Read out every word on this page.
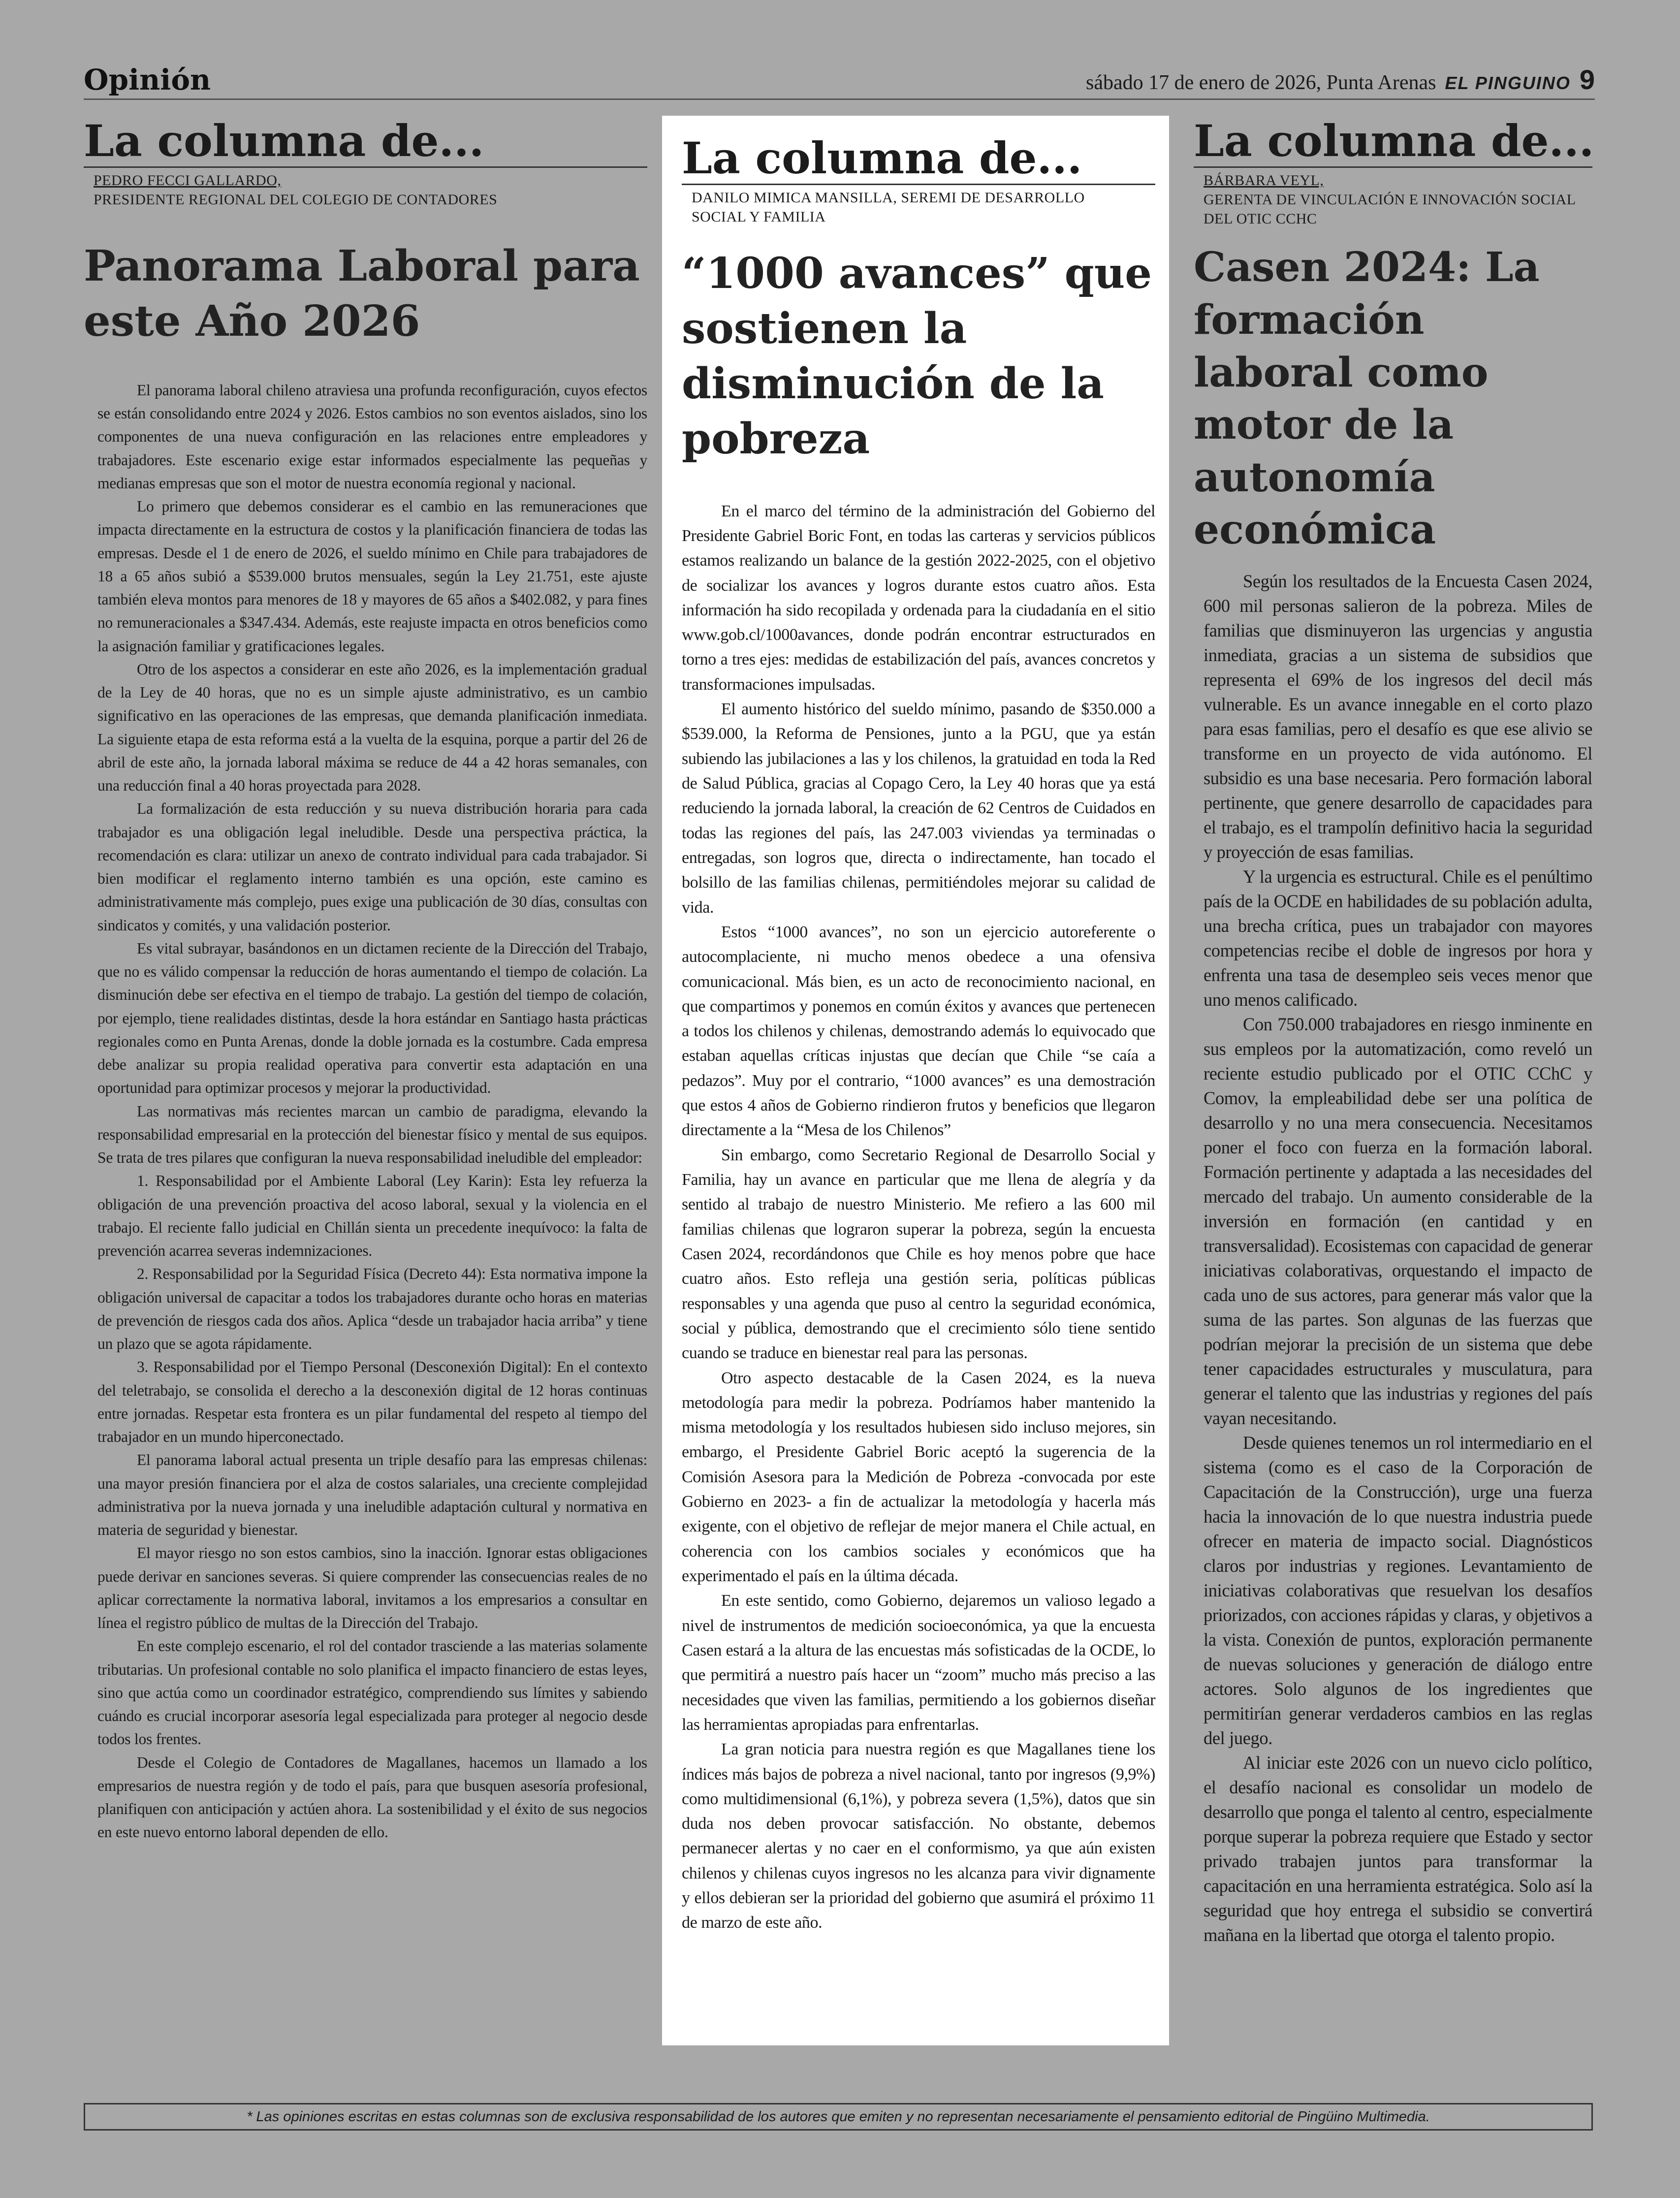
Opinión	sábado 17 de enero de 2026, Punta Arenas EL PINGUINO 9
La columna de...
PEDRO FECCI GALLARDO,
PRESIDENTE REGIONAL DEL COLEGIO DE CONTADORES
Panorama Laboral para este Año 2026

El panorama laboral chileno atraviesa una profunda reconfiguración, cuyos efectos se están consolidando entre 2024 y 2026. Estos cambios no son eventos aislados, sino los componentes de una nueva configuración en las relaciones entre empleadores y trabajadores. Este escenario exige estar informados especialmente las pequeñas y medianas empresas que son el motor de nuestra economía regional y nacional.

Lo primero que debemos considerar es el cambio en las remuneraciones que impacta directamente en la estructura de costos y la planificación financiera de todas las empresas. Desde el 1 de enero de 2026, el sueldo mínimo en Chile para trabajadores de 18 a 65 años subió a $539.000 brutos mensuales, según la Ley 21.751, este ajuste también eleva montos para menores de 18 y mayores de 65 años a $402.082, y para fines no remuneracionales a $347.434. Además, este reajuste impacta en otros beneficios como la asignación familiar y gratificaciones legales.

Otro de los aspectos a considerar en este año 2026, es la implementación gradual de la Ley de 40 horas, que no es un simple ajuste administrativo, es un cambio significativo en las operaciones de las empresas, que demanda planificación inmediata. La siguiente etapa de esta reforma está a la vuelta de la esquina, porque a partir del 26 de abril de este año, la jornada laboral máxima se reduce de 44 a 42 horas semanales, con una reducción final a 40 horas proyectada para 2028.

La formalización de esta reducción y su nueva distribución horaria para cada trabajador es una obligación legal ineludible. Desde una perspectiva práctica, la recomendación es clara: utilizar un anexo de contrato individual para cada trabajador. Si bien modificar el reglamento interno también es una opción, este camino es administrativamente más complejo, pues exige una publicación de 30 días, consultas con sindicatos y comités, y una validación posterior.

Es vital subrayar, basándonos en un dictamen reciente de la Dirección del Trabajo, que no es válido compensar la reducción de horas aumentando el tiempo de colación. La disminución debe ser efectiva en el tiempo de trabajo. La gestión del tiempo de colación, por ejemplo, tiene realidades distintas, desde la hora estándar en Santiago hasta prácticas regionales como en Punta Arenas, donde la doble jornada es la costumbre. Cada empresa debe analizar su propia realidad operativa para convertir esta adaptación en una oportunidad para optimizar procesos y mejorar la productividad.

Las normativas más recientes marcan un cambio de paradigma, elevando la responsabilidad empresarial en la protección del bienestar físico y mental de sus equipos. Se trata de tres pilares que configuran la nueva responsabilidad ineludible del empleador:

1. Responsabilidad por el Ambiente Laboral (Ley Karin): Esta ley refuerza la obligación de una prevención proactiva del acoso laboral, sexual y la violencia en el trabajo. El reciente fallo judicial en Chillán sienta un precedente inequívoco: la falta de prevención acarrea severas indemnizaciones.

2. Responsabilidad por la Seguridad Física (Decreto 44): Esta normativa impone la obligación universal de capacitar a todos los trabajadores durante ocho horas en materias de prevención de riesgos cada dos años. Aplica “desde un trabajador hacia arriba” y tiene un plazo que se agota rápidamente.

3. Responsabilidad por el Tiempo Personal (Desconexión Digital): En el contexto del teletrabajo, se consolida el derecho a la desconexión digital de 12 horas continuas entre jornadas. Respetar esta frontera es un pilar fundamental del respeto al tiempo del trabajador en un mundo hiperconectado.

El panorama laboral actual presenta un triple desafío para las empresas chilenas: una mayor presión financiera por el alza de costos salariales, una creciente complejidad administrativa por la nueva jornada y una ineludible adaptación cultural y normativa en materia de seguridad y bienestar.

El mayor riesgo no son estos cambios, sino la inacción. Ignorar estas obligaciones puede derivar en sanciones severas. Si quiere comprender las consecuencias reales de no aplicar correctamente la normativa laboral, invitamos a los empresarios a consultar en línea el registro público de multas de la Dirección del Trabajo.

En este complejo escenario, el rol del contador trasciende a las materias solamente tributarias. Un profesional contable no solo planifica el impacto financiero de estas leyes, sino que actúa como un coordinador estratégico, comprendiendo sus límites y sabiendo cuándo es crucial incorporar asesoría legal especializada para proteger al negocio desde todos los frentes.

Desde el Colegio de Contadores de Magallanes, hacemos un llamado a los empresarios de nuestra región y de todo el país, para que busquen asesoría profesional, planifiquen con anticipación y actúen ahora. La sostenibilidad y el éxito de sus negocios en este nuevo entorno laboral dependen de ello.

La columna de...
DANILO MIMICA MANSILLA, SEREMI DE DESARROLLO
SOCIAL Y FAMILIA
“1000 avances” que sostienen la disminución de la pobreza

En el marco del término de la administración del Gobierno del Presidente Gabriel Boric Font, en todas las carteras y servicios públicos estamos realizando un balance de la gestión 2022-2025, con el objetivo de socializar los avances y logros durante estos cuatro años. Esta información ha sido recopilada y ordenada para la ciudadanía en el sitio www.gob.cl/1000avances, donde podrán encontrar estructurados en torno a tres ejes: medidas de estabilización del país, avances concretos y transformaciones impulsadas.

El aumento histórico del sueldo mínimo, pasando de $350.000 a $539.000, la Reforma de Pensiones, junto a la PGU, que ya están subiendo las jubilaciones a las y los chilenos, la gratuidad en toda la Red de Salud Pública, gracias al Copago Cero, la Ley 40 horas que ya está reduciendo la jornada laboral, la creación de 62 Centros de Cuidados en todas las regiones del país, las 247.003 viviendas ya terminadas o entregadas, son logros que, directa o indirectamente, han tocado el bolsillo de las familias chilenas, permitiéndoles mejorar su calidad de vida.

Estos “1000 avances”, no son un ejercicio autoreferente o autocomplaciente, ni mucho menos obedece a una ofensiva comunicacional. Más bien, es un acto de reconocimiento nacional, en que compartimos y ponemos en común éxitos y avances que pertenecen a todos los chilenos y chilenas, demostrando además lo equivocado que estaban aquellas críticas injustas que decían que Chile “se caía a pedazos”. Muy por el contrario, “1000 avances” es una demostración que estos 4 años de Gobierno rindieron frutos y beneficios que llegaron directamente a la “Mesa de los Chilenos”

Sin embargo, como Secretario Regional de Desarrollo Social y Familia, hay un avance en particular que me llena de alegría y da sentido al trabajo de nuestro Ministerio. Me refiero a las 600 mil familias chilenas que lograron superar la pobreza, según la encuesta Casen 2024, recordándonos que Chile es hoy menos pobre que hace cuatro años. Esto refleja una gestión seria, políticas públicas responsables y una agenda que puso al centro la seguridad económica, social y pública, demostrando que el crecimiento sólo tiene sentido cuando se traduce en bienestar real para las personas.

Otro aspecto destacable de la Casen 2024, es la nueva metodología para medir la pobreza. Podríamos haber mantenido la misma metodología y los resultados hubiesen sido incluso mejores, sin embargo, el Presidente Gabriel Boric aceptó la sugerencia de la Comisión Asesora para la Medición de Pobreza -convocada por este Gobierno en 2023- a fin de actualizar la metodología y hacerla más exigente, con el objetivo de reflejar de mejor manera el Chile actual, en coherencia con los cambios sociales y económicos que ha experimentado el país en la última década.

En este sentido, como Gobierno, dejaremos un valioso legado a nivel de instrumentos de medición socioeconómica, ya que la encuesta Casen estará a la altura de las encuestas más sofisticadas de la OCDE, lo que permitirá a nuestro país hacer un “zoom” mucho más preciso a las necesidades que viven las familias, permitiendo a los gobiernos diseñar las herramientas apropiadas para enfrentarlas.

La gran noticia para nuestra región es que Magallanes tiene los índices más bajos de pobreza a nivel nacional, tanto por ingresos (9,9%) como multidimensional (6,1%), y pobreza severa (1,5%), datos que sin duda nos deben provocar satisfacción. No obstante, debemos permanecer alertas y no caer en el conformismo, ya que aún existen chilenos y chilenas cuyos ingresos no les alcanza para vivir dignamente y ellos debieran ser la prioridad del gobierno que asumirá el próximo 11 de marzo de este año.

La columna de...
BÁRBARA VEYL,
GERENTA DE VINCULACIÓN E INNOVACIÓN SOCIAL DEL OTIC CCHC
Casen 2024: La formación laboral como motor de la autonomía económica

Según los resultados de la Encuesta Casen 2024, 600 mil personas salieron de la pobreza. Miles de familias que disminuyeron las urgencias y angustia inmediata, gracias a un sistema de subsidios que representa el 69% de los ingresos del decil más vulnerable. Es un avance innegable en el corto plazo para esas familias, pero el desafío es que ese alivio se transforme en un proyecto de vida autónomo. El subsidio es una base necesaria. Pero formación laboral pertinente, que genere desarrollo de capacidades para el trabajo, es el trampolín definitivo hacia la seguridad y proyección de esas familias.

Y la urgencia es estructural. Chile es el penúltimo país de la OCDE en habilidades de su población adulta, una brecha crítica, pues un trabajador con mayores competencias recibe el doble de ingresos por hora y enfrenta una tasa de desempleo seis veces menor que uno menos calificado.

Con 750.000 trabajadores en riesgo inminente en sus empleos por la automatización, como reveló un reciente estudio publicado por el OTIC CChC y Comov, la empleabilidad debe ser una política de desarrollo y no una mera consecuencia. Necesitamos poner el foco con fuerza en la formación laboral. Formación pertinente y adaptada a las necesidades del mercado del trabajo. Un aumento considerable de la inversión en formación (en cantidad y en transversalidad). Ecosistemas con capacidad de generar iniciativas colaborativas, orquestando el impacto de cada uno de sus actores, para generar más valor que la suma de las partes. Son algunas de las fuerzas que podrían mejorar la precisión de un sistema que debe tener capacidades estructurales y musculatura, para generar el talento que las industrias y regiones del país vayan necesitando.

Desde quienes tenemos un rol intermediario en el sistema (como es el caso de la Corporación de Capacitación de la Construcción), urge una fuerza hacia la innovación de lo que nuestra industria puede ofrecer en materia de impacto social. Diagnósticos claros por industrias y regiones. Levantamiento de iniciativas colaborativas que resuelvan los desafíos priorizados, con acciones rápidas y claras, y objetivos a la vista. Conexión de puntos, exploración permanente de nuevas soluciones y generación de diálogo entre actores. Solo algunos de los ingredientes que permitirían generar verdaderos cambios en las reglas del juego.

Al iniciar este 2026 con un nuevo ciclo político, el desafío nacional es consolidar un modelo de desarrollo que ponga el talento al centro, especialmente porque superar la pobreza requiere que Estado y sector privado trabajen juntos para transformar la capacitación en una herramienta estratégica. Solo así la seguridad que hoy entrega el subsidio se convertirá mañana en la libertad que otorga el talento propio.

* Las opiniones escritas en estas columnas son de exclusiva responsabilidad de los autores que emiten y no representan necesariamente el pensamiento editorial de Pingüino Multimedia.
